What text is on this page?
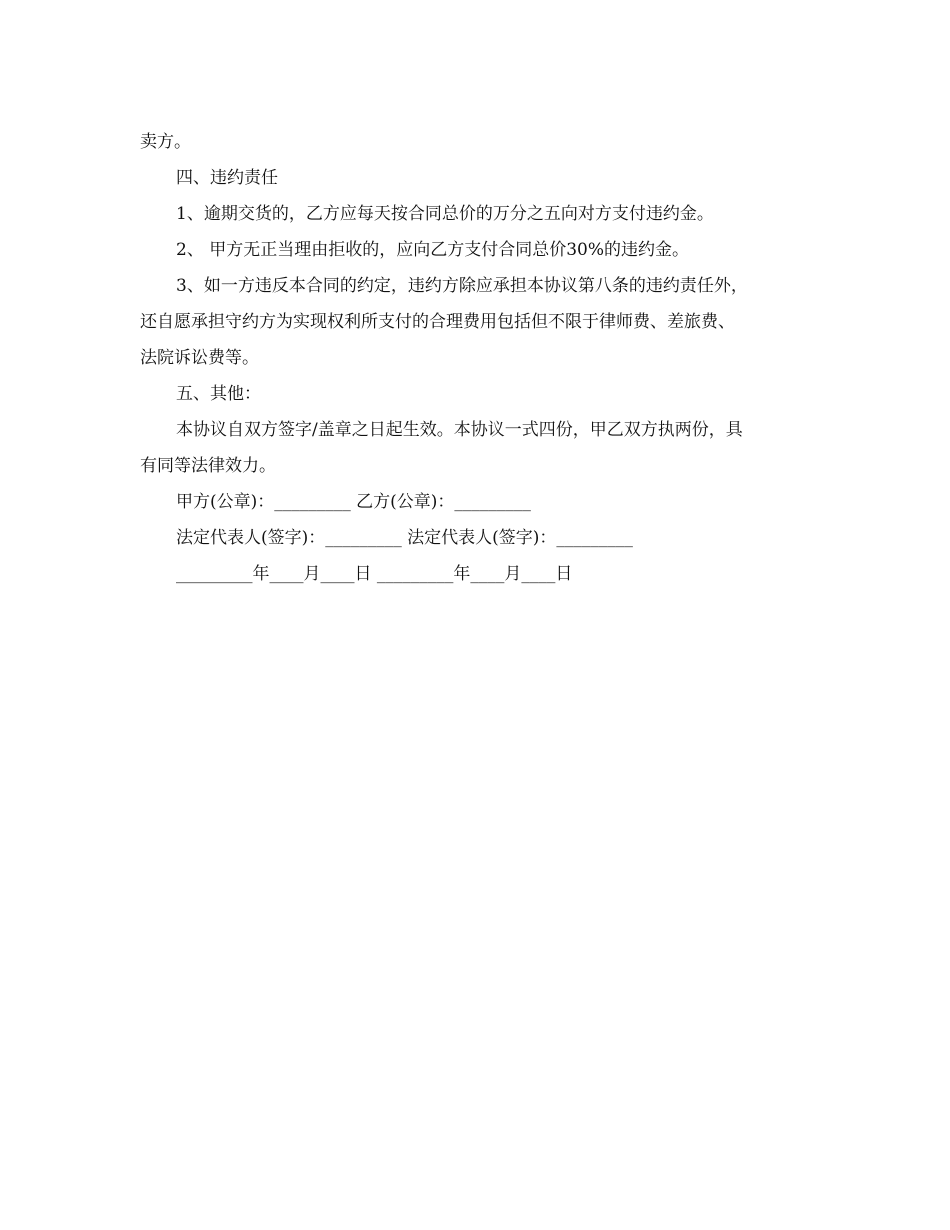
卖方。
四、违约责任
1、逾期交货的，乙方应每天按合同总价的万分之五向对方支付违约金。
2、 甲方无正当理由拒收的，应向乙方支付合同总价30%的违约金。
3、如一方违反本合同的约定，违约方除应承担本协议第八条的违约责任外，
还自愿承担守约方为实现权利所支付的合理费用包括但不限于律师费、差旅费、
法院诉讼费等。
五、其他：
本协议自双方签字/盖章之日起生效。本协议一式四份，甲乙双方执两份，具
有同等法律效力。
甲方(公章)：_________ 乙方(公章)：_________
法定代表人(签字)：_________ 法定代表人(签字)：_________
_________年____月____日 _________年____月____日
